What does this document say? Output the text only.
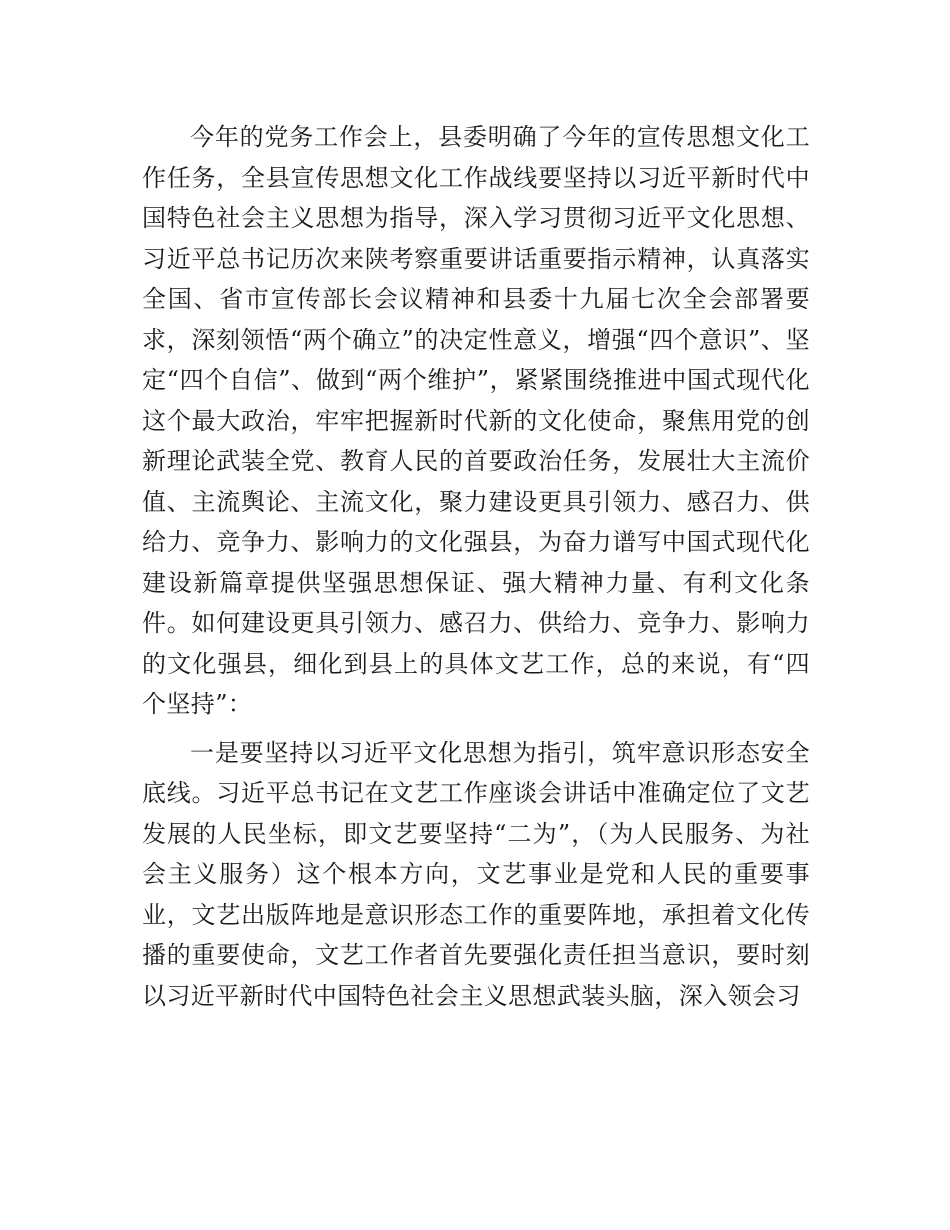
今年的党务工作会上，县委明确了今年的宣传思想文化工作任务，全县宣传思想文化工作战线要坚持以习近平新时代中国特色社会主义思想为指导，深入学习贯彻习近平文化思想、习近平总书记历次来陕考察重要讲话重要指示精神，认真落实全国、省市宣传部长会议精神和县委十九届七次全会部署要求，深刻领悟“两个确立”的决定性意义，增强“四个意识”、坚定“四个自信”、做到“两个维护”，紧紧围绕推进中国式现代化这个最大政治，牢牢把握新时代新的文化使命，聚焦用党的创新理论武装全党、教育人民的首要政治任务，发展壮大主流价值、主流舆论、主流文化，聚力建设更具引领力、感召力、供给力、竞争力、影响力的文化强县，为奋力谱写中国式现代化建设新篇章提供坚强思想保证、强大精神力量、有利文化条件。如何建设更具引领力、感召力、供给力、竞争力、影响力的文化强县，细化到县上的具体文艺工作，总的来说，有“四个坚持”：

一是要坚持以习近平文化思想为指引，筑牢意识形态安全底线。习近平总书记在文艺工作座谈会讲话中准确定位了文艺发展的人民坐标，即文艺要坚持“二为”，（为人民服务、为社会主义服务）这个根本方向，文艺事业是党和人民的重要事业，文艺出版阵地是意识形态工作的重要阵地，承担着文化传播的重要使命，文艺工作者首先要强化责任担当意识，要时刻以习近平新时代中国特色社会主义思想武装头脑，深入领会习
